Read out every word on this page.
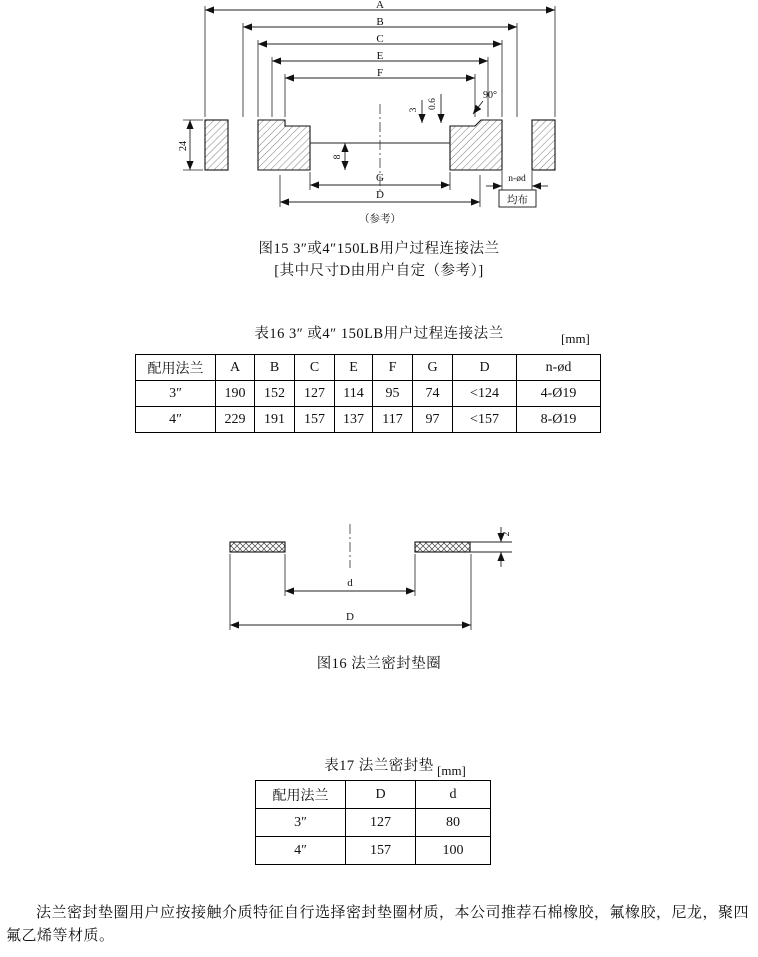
A
B
C
E
F
90°
3
0.6
24
8
n-ød
均布
G
D
（参考）
图15 3″或4″150LB用户过程连接法兰
[其中尺寸D由用户自定（参考）]
表16 3″ 或4″ 150LB用户过程连接法兰	[mm]
配用法兰	A	B	C	E	F	G	D	n-ød
3″	190	152	127	114	95	74	<124	4-Ø19
4″	229	191	157	137	117	97	<157	8-Ø19
2
d
D
图16 法兰密封垫圈
表17 法兰密封垫 [mm]
配用法兰	D	d
3″	127	80
4″	157	100
法兰密封垫圈用户应按接触介质特征自行选择密封垫圈材质，本公司推荐石棉橡胶，氟橡胶，尼龙，聚四氟乙烯等材质。
